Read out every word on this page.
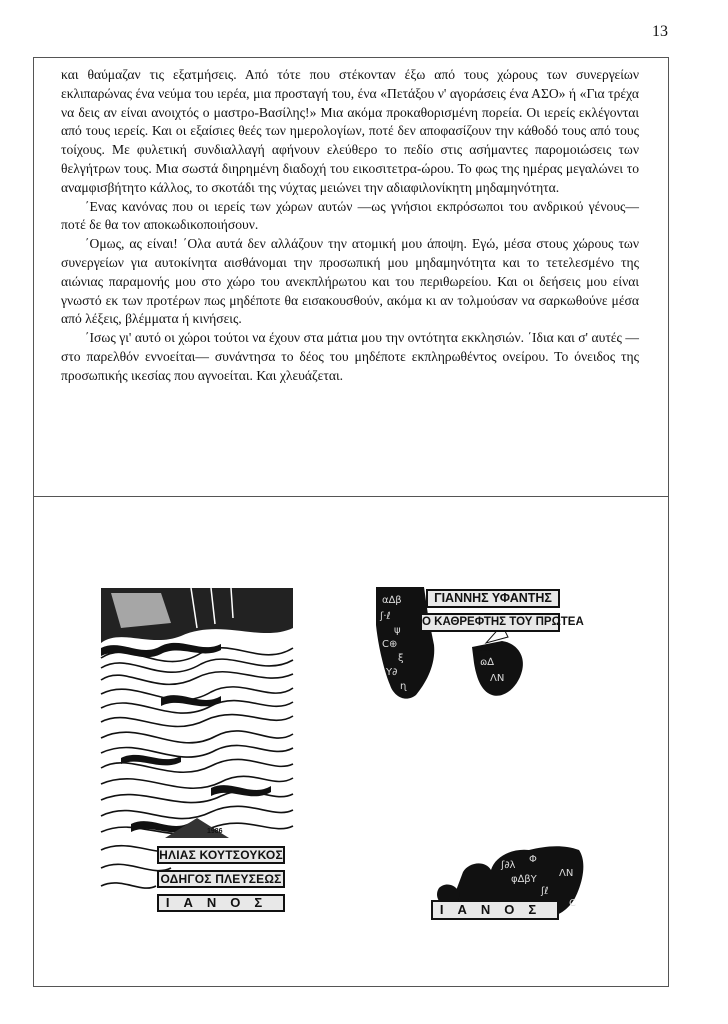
13

και θαύμαζαν τις εξατμήσεις. Από τότε που στέκονταν έξω από τους χώρους των συνεργείων εκλιπαρώνας ένα νεύμα του ιερέα, μια προσταγή του, ένα «Πετάξου ν' αγοράσεις ένα ΑΣΟ» ή «Για τρέχα να δεις αν είναι ανοιχτός ο μαστρο-Βασίλης!» Μια ακόμα προκαθορισμένη πορεία. Οι ιερείς εκλέγονται από τους ιερείς. Και οι εξαίσιες θεές των ημερολογίων, ποτέ δεν αποφασίζουν την κάθοδό τους από τους τοίχους. Με φυλετική συνδιαλλαγή αφήνουν ελεύθερο το πεδίο στις ασήμαντες παρομοιώσεις των θελγήτρων τους. Μια σωστά διηρημένη διαδοχή του εικοσιτετρα-ώρου. Το φως της ημέρας μεγαλώνει το αναμφισβήτητο κάλλος, το σκοτάδι της νύχτας μειώνει την αδιαφιλονίκητη μηδαμηνότητα.

΄Ενας κανόνας που οι ιερείς των χώρων αυτών —ως γνήσιοι εκπρόσωποι του ανδρικού γένους— ποτέ δε θα τον αποκωδικοποιήσουν.

΄Ομως, ας είναι! ΄Ολα αυτά δεν αλλάζουν την ατομική μου άποψη. Εγώ, μέσα στους χώρους των συνεργείων για αυτοκίνητα αισθάνομαι την προσωπική μου μηδαμηνότητα και το τετελεσμένο της αιώνιας παραμονής μου στο χώρο του ανεκπλήρωτου και του περιθωρείου. Και οι δεήσεις μου είναι γνωστό εκ των προτέρων πως μηδέποτε θα εισακουσθούν, ακόμα κι αν τολμούσαν να σαρκωθούνε μέσα από λέξεις, βλέμματα ή κινήσεις.

΄Ισως γι' αυτό οι χώροι τούτοι να έχουν στα μάτια μου την οντότητα εκκλησιών. ΄Ιδια και σ' αυτές —στο παρελθόν εννοείται— συνάντησα το δέος του μηδέποτε εκπληρωθέντος ονείρου. Το όνειδος της προσωπικής ικεσίας που αγνοείται. Και χλευάζεται.

1986
ΗΛΙΑΣ ΚΟΥΤΣΟΥΚΟΣ
ΟΔΗΓΟΣ ΠΛΕΥΣΕΩΣ
ΙΑΝΟΣ
α∆β
ʃ·ℓ
ψ
Ϲ⊕
ξ
Υ∂
ɳ
ɷ∆
ΛΝ
ΓΙΑΝΝΗΣ ΥΦΑΝΤΗΣ
Ο ΚΑΘΡΕΦΤΗΣ ΤΟΥ ΠΡΩΤΕΑ
1986
ʃ∂λ
Φ
φ∆βΥ
ʃℓ
ΛΝ
Ϲ
ΙΑΝΟΣ
